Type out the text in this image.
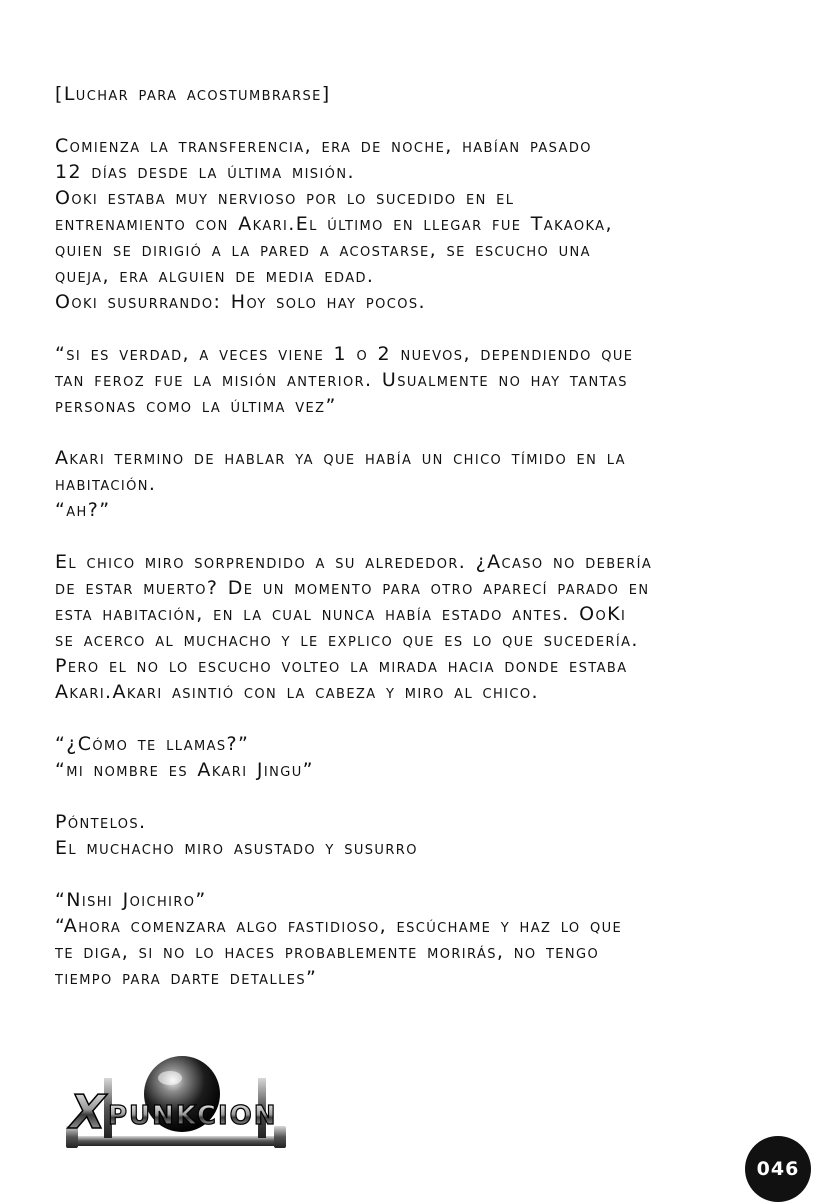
[Luchar para acostumbrarse]
Comienza la transferencia, era de noche, habían pasado
12 días desde la última misión.
Ooki estaba muy nervioso por lo sucedido en el
entrenamiento con Akari.El último en llegar fue Takaoka,
quien se dirigió a la pared a acostarse, se escucho una
queja, era alguien de media edad.
Ooki susurrando: Hoy solo hay pocos.
“si es verdad, a veces viene 1 o 2 nuevos, dependiendo que
tan feroz fue la misión anterior. Usualmente no hay tantas
personas como la última vez”
Akari termino de hablar ya que había un chico tímido en la
habitación.
“ah?”
El chico miro sorprendido a su alrededor. ¿Acaso no debería
de estar muerto? De un momento para otro aparecí parado en
esta habitación, en la cual nunca había estado antes. OoKi
se acerco al muchacho y le explico que es lo que sucedería.
Pero el no lo escucho volteo la mirada hacia donde estaba
Akari.Akari asintió con la cabeza y miro al chico.
“¿Cómo te llamas?”
“mi nombre es Akari Jingu”
Póntelos.
El muchacho miro asustado y susurro
“Nishi Joichiro”
“Ahora comenzara algo fastidioso, escúchame y haz lo que
te diga, si no lo haces probablemente morirás, no tengo
tiempo para darte detalles”
X PUNKCION
046
